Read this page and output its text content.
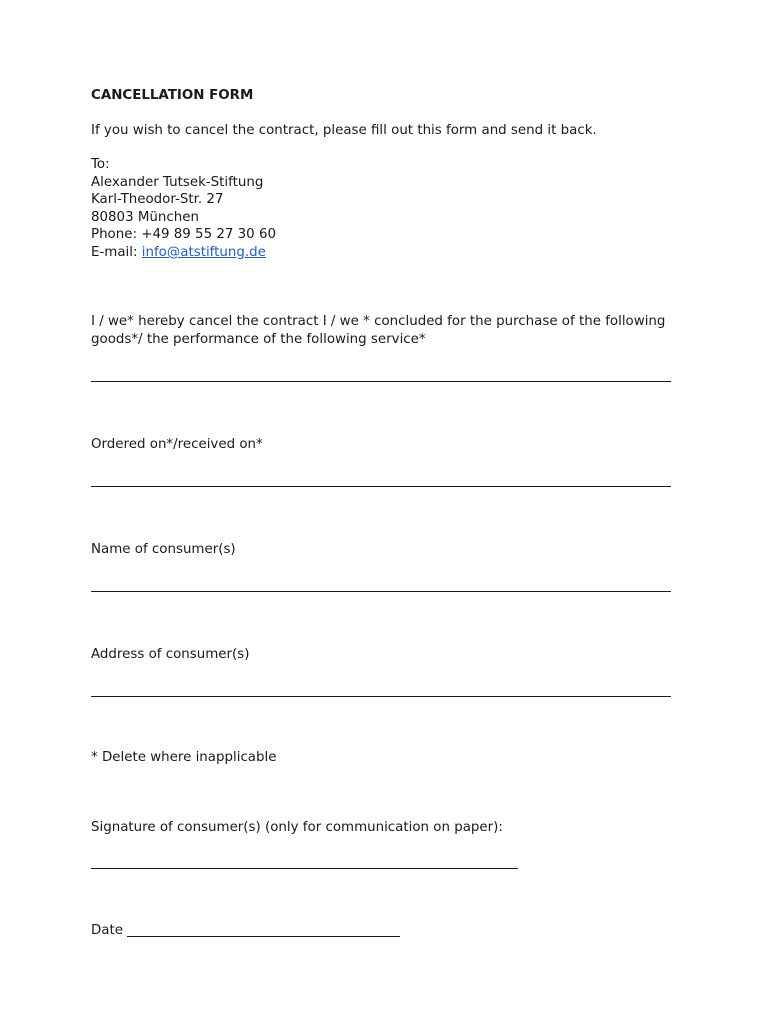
CANCELLATION FORM
If you wish to cancel the contract, please fill out this form and send it back.
To:
Alexander Tutsek-Stiftung
Karl-Theodor-Str. 27
80803 München
Phone: +49 89 55 27 30 60
E-mail: info@atstiftung.de
I / we* hereby cancel the contract I / we * concluded for the purchase of the following
goods*/ the performance of the following service*
Ordered on*/received on*
Name of consumer(s)
Address of consumer(s)
* Delete where inapplicable
Signature of consumer(s) (only for communication on paper):
Date
